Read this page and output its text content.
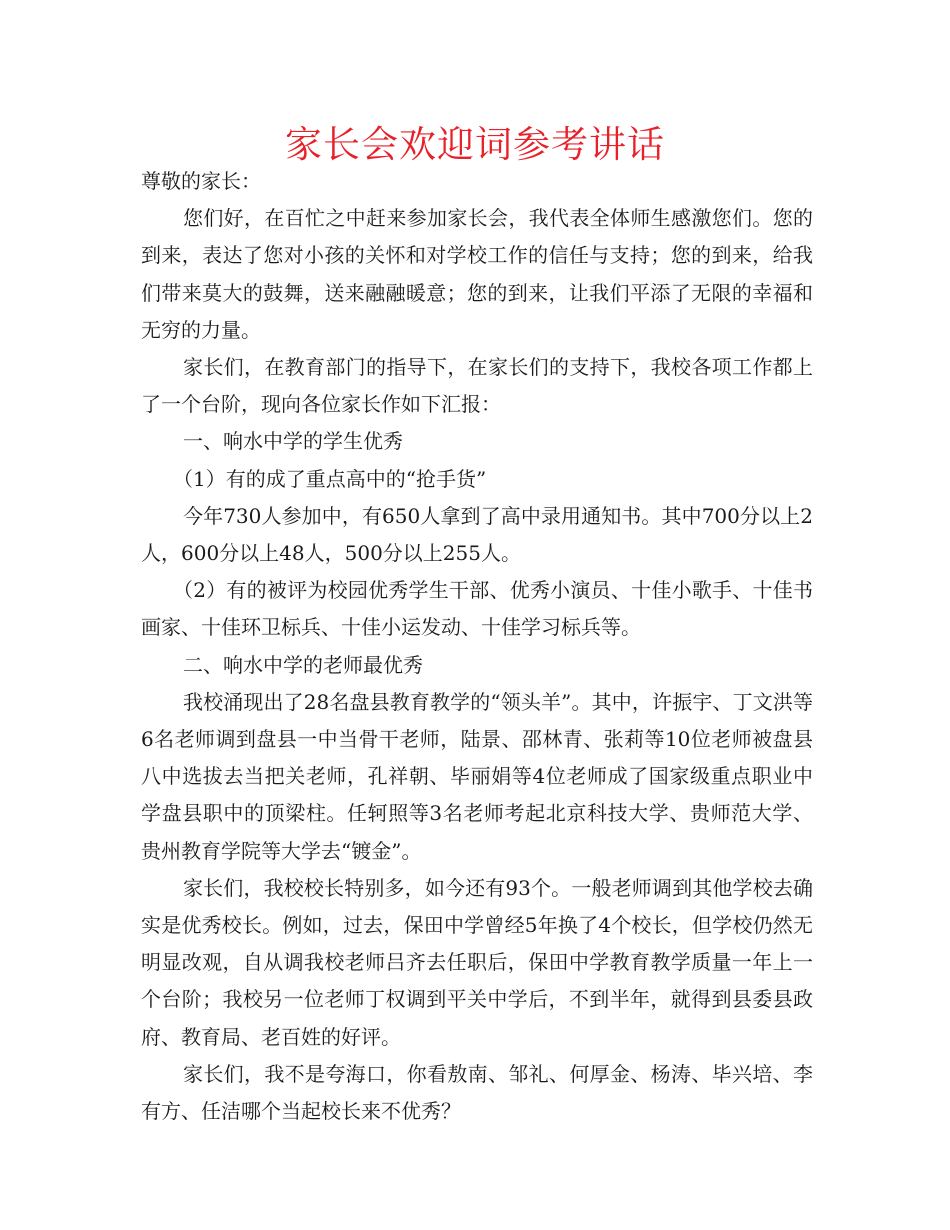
家长会欢迎词参考讲话

尊敬的家长：

您们好，在百忙之中赶来参加家长会，我代表全体师生感激您们。您的到来，表达了您对小孩的关怀和对学校工作的信任与支持；您的到来，给我们带来莫大的鼓舞，送来融融暖意；您的到来，让我们平添了无限的幸福和无穷的力量。

家长们，在教育部门的指导下，在家长们的支持下，我校各项工作都上了一个台阶，现向各位家长作如下汇报：

一、响水中学的学生优秀

（1）有的成了重点高中的“抢手货”

今年730人参加中，有650人拿到了高中录用通知书。其中700分以上2人，600分以上48人，500分以上255人。

（2）有的被评为校园优秀学生干部、优秀小演员、十佳小歌手、十佳书画家、十佳环卫标兵、十佳小运发动、十佳学习标兵等。

二、响水中学的老师最优秀

我校涌现出了28名盘县教育教学的“领头羊”。其中，许振宇、丁文洪等6名老师调到盘县一中当骨干老师，陆景、邵林青、张莉等10位老师被盘县八中选拔去当把关老师，孔祥朝、毕丽娟等4位老师成了国家级重点职业中学盘县职中的顶梁柱。任轲照等3名老师考起北京科技大学、贵师范大学、贵州教育学院等大学去“镀金”。

家长们，我校校长特别多，如今还有93个。一般老师调到其他学校去确实是优秀校长。例如，过去，保田中学曾经5年换了4个校长，但学校仍然无明显改观，自从调我校老师吕齐去任职后，保田中学教育教学质量一年上一个台阶；我校另一位老师丁权调到平关中学后，不到半年，就得到县委县政府、教育局、老百姓的好评。

家长们，我不是夸海口，你看敖南、邹礼、何厚金、杨涛、毕兴培、李有方、任洁哪个当起校长来不优秀？
